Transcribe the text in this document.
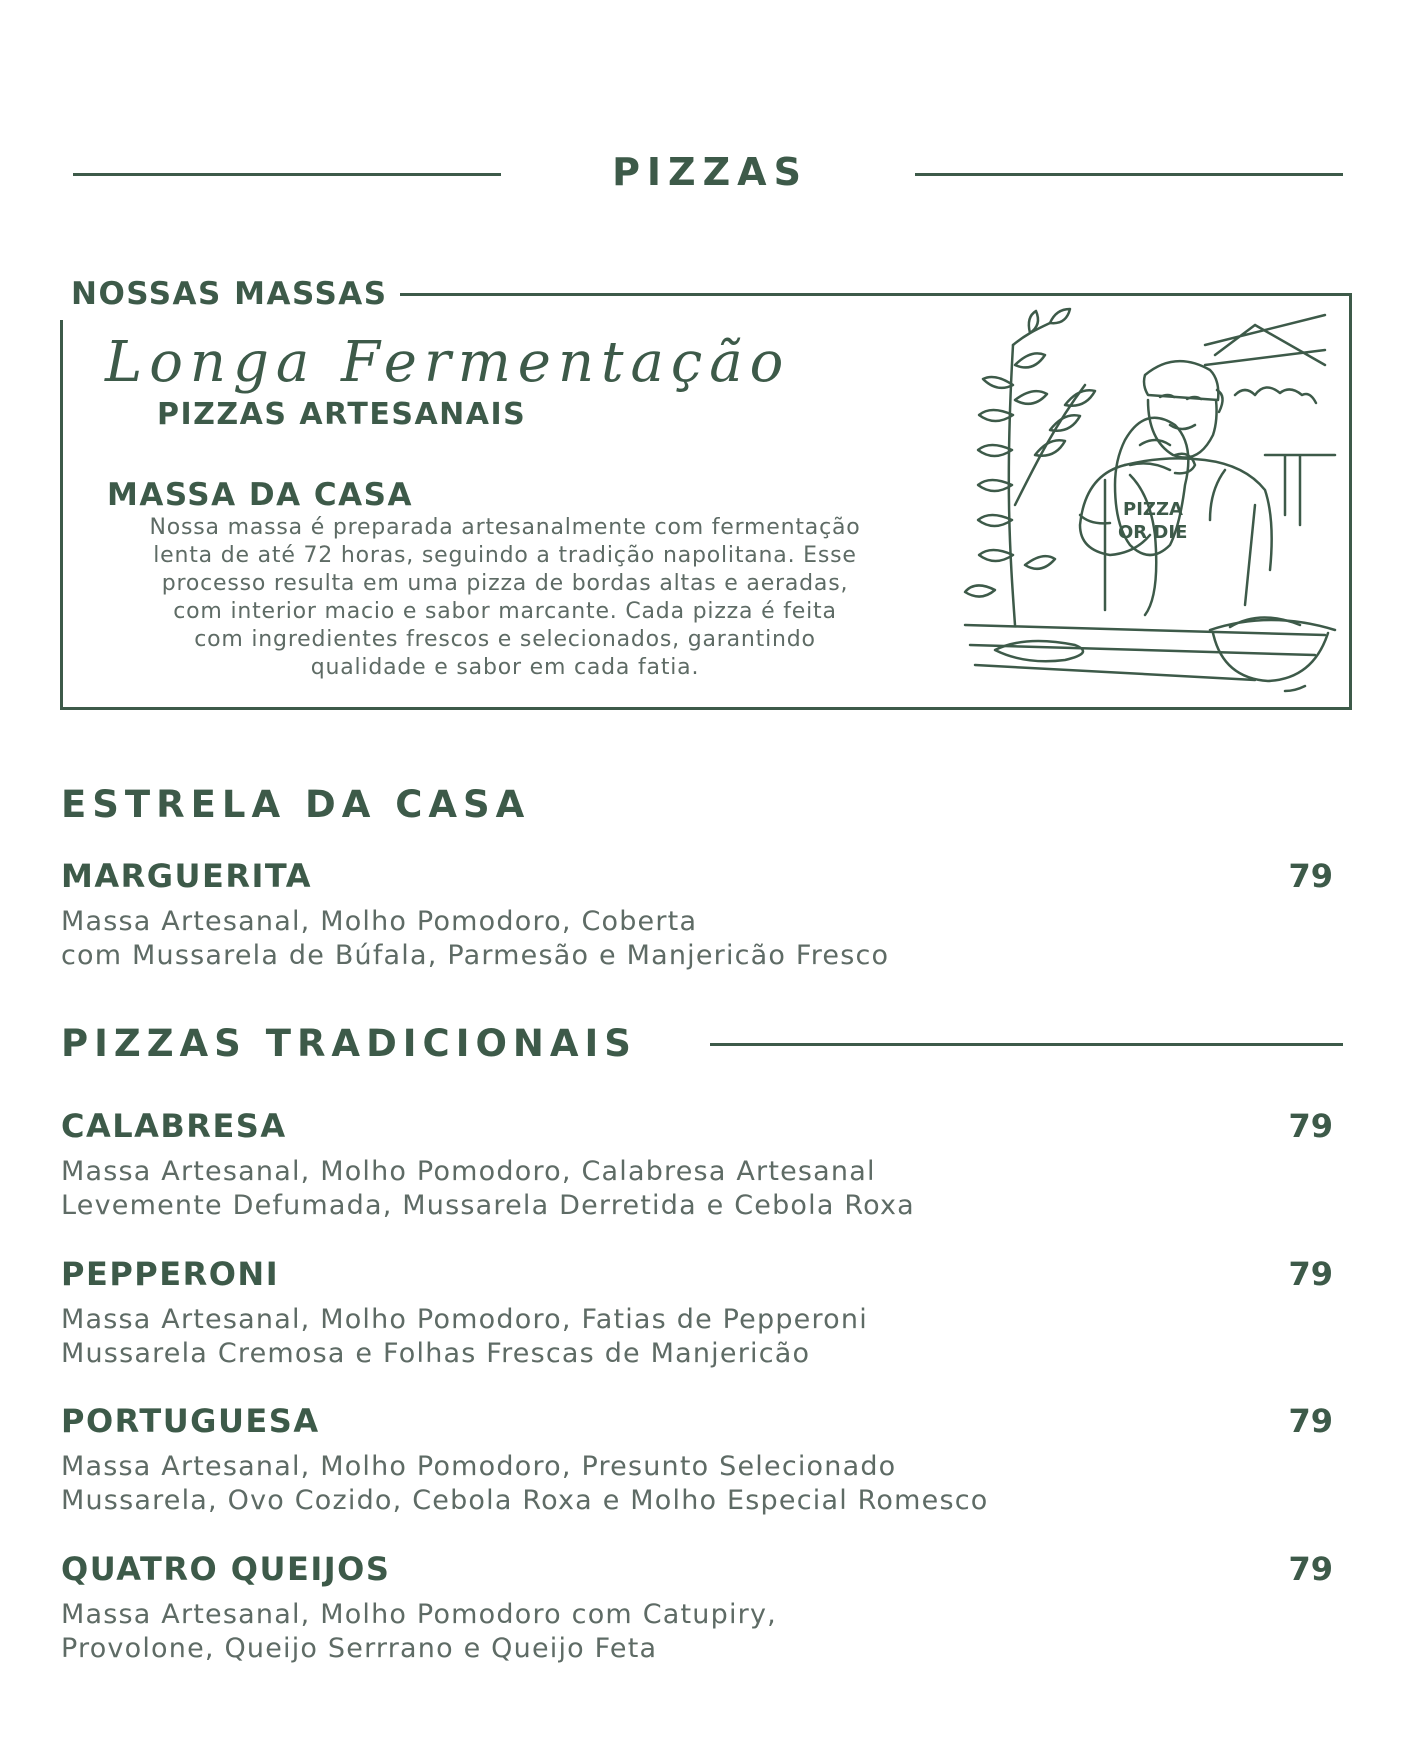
PIZZAS
NOSSAS MASSAS
Longa Fermentação
PIZZAS ARTESANAIS
MASSA DA CASA
Nossa massa é preparada artesanalmente com fermentação
lenta de até 72 horas, seguindo a tradição napolitana. Esse
processo resulta em uma pizza de bordas altas e aeradas,
com interior macio e sabor marcante. Cada pizza é feita
com ingredientes frescos e selecionados, garantindo
qualidade e sabor em cada fatia.
PIZZA
OR DIE
ESTRELA DA CASA
MARGUERITA	79
Massa Artesanal, Molho Pomodoro, Coberta
com Mussarela de Búfala, Parmesão e Manjericão Fresco
PIZZAS TRADICIONAIS
CALABRESA	79
Massa Artesanal, Molho Pomodoro, Calabresa Artesanal
Levemente Defumada, Mussarela Derretida e Cebola Roxa
PEPPERONI	79
Massa Artesanal, Molho Pomodoro, Fatias de Pepperoni
Mussarela Cremosa e Folhas Frescas de Manjericão
PORTUGUESA	79
Massa Artesanal, Molho Pomodoro, Presunto Selecionado
Mussarela, Ovo Cozido, Cebola Roxa e Molho Especial Romesco
QUATRO QUEIJOS	79
Massa Artesanal, Molho Pomodoro com Catupiry,
Provolone, Queijo Serrrano e Queijo Feta
